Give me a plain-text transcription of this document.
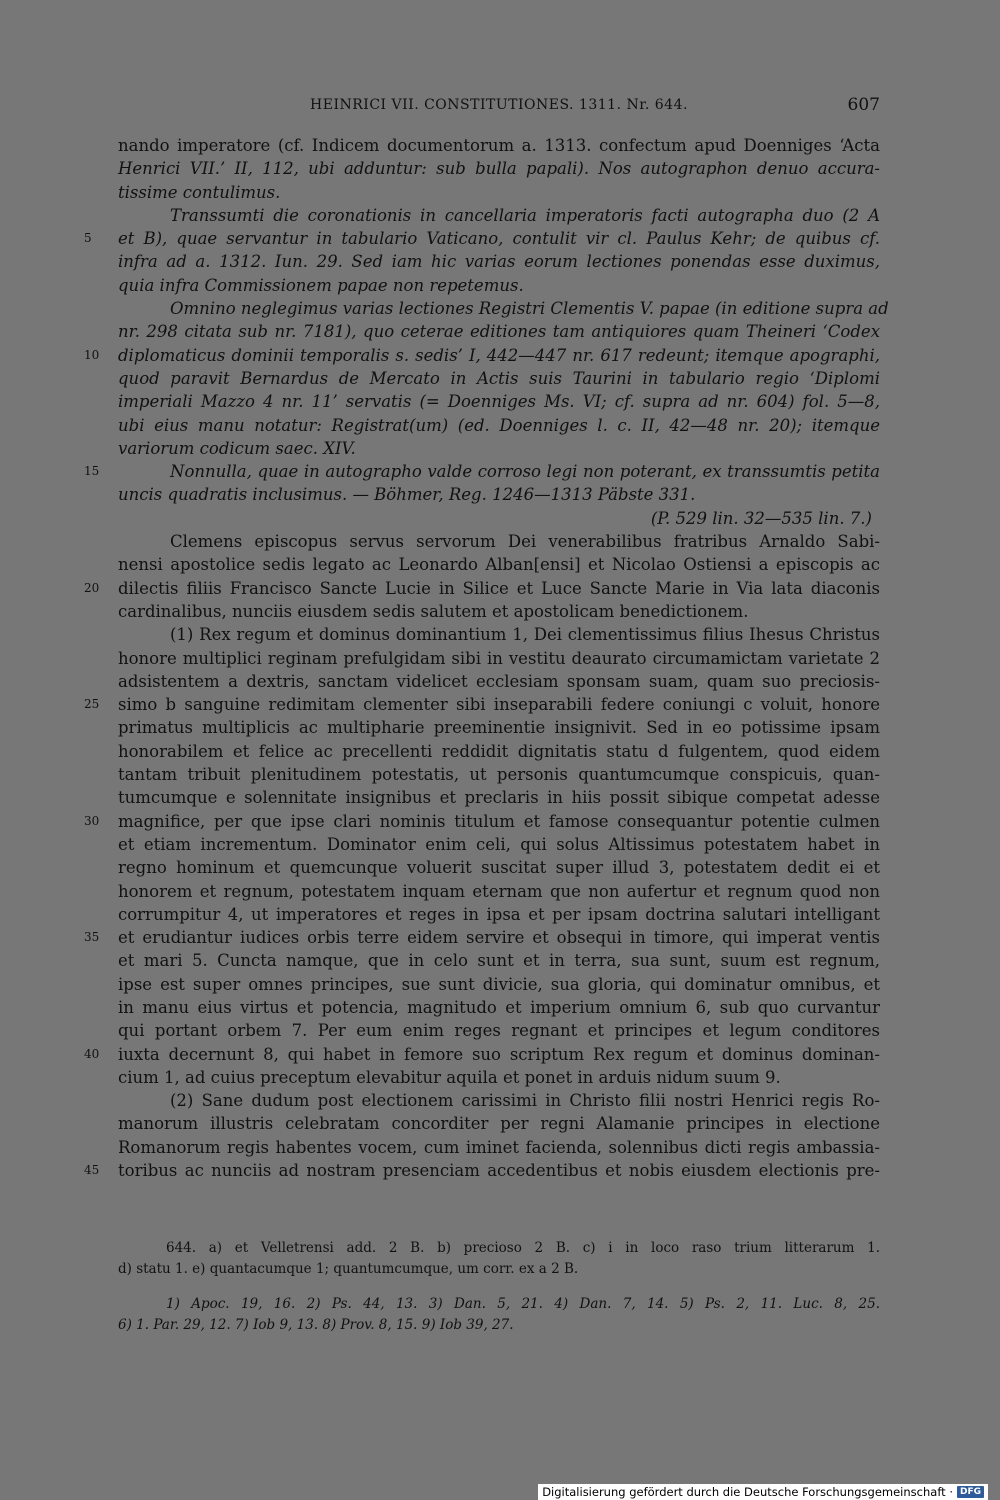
HEINRICI VII. CONSTITUTIONES. 1311. Nr. 644.	607
nando imperatore (cf. Indicem documentorum a. 1313. confectum apud Doenniges ‘Acta
Henrici VII.’ II, 112, ubi adduntur: sub bulla papali). Nos autographon denuo accura-
tissime contulimus.
Transsumti die coronationis in cancellaria imperatoris facti autographa duo (2 A
5	et B), quae servantur in tabulario Vaticano, contulit vir cl. Paulus Kehr; de quibus cf.
infra ad a. 1312. Iun. 29. Sed iam hic varias eorum lectiones ponendas esse duximus,
quia infra Commissionem papae non repetemus.
Omnino neglegimus varias lectiones Registri Clementis V. papae (in editione supra ad
nr. 298 citata sub nr. 7181), quo ceterae editiones tam antiquiores quam Theineri ‘Codex
10	diplomaticus dominii temporalis s. sedis’ I, 442—447 nr. 617 redeunt; itemque apographi,
quod paravit Bernardus de Mercato in Actis suis Taurini in tabulario regio ‘Diplomi
imperiali Mazzo 4 nr. 11’ servatis (= Doenniges Ms. VI; cf. supra ad nr. 604) fol. 5—8,
ubi eius manu notatur: Registrat(um) (ed. Doenniges l. c. II, 42—48 nr. 20); itemque
variorum codicum saec. XIV.
15	Nonnulla, quae in autographo valde corroso legi non poterant, ex transsumtis petita
uncis quadratis inclusimus. — Böhmer, Reg. 1246—1313 Päbste 331.
(P. 529 lin. 32—535 lin. 7.)
Clemens episcopus servus servorum Dei venerabilibus fratribus Arnaldo Sabi-
nensi apostolice sedis legato ac Leonardo Alban[ensi] et Nicolao Ostiensi a episcopis ac
20	dilectis filiis Francisco Sancte Lucie in Silice et Luce Sancte Marie in Via lata diaconis
cardinalibus, nunciis eiusdem sedis salutem et apostolicam benedictionem.
(1) Rex regum et dominus dominantium 1, Dei clementissimus filius Ihesus Christus
honore multiplici reginam prefulgidam sibi in vestitu deaurato circumamictam varietate 2
adsistentem a dextris, sanctam videlicet ecclesiam sponsam suam, quam suo preciosis-
25	simo b sanguine redimitam clementer sibi inseparabili federe coniungi c voluit, honore
primatus multiplicis ac multipharie preeminentie insignivit. Sed in eo potissime ipsam
honorabilem et felice ac precellenti reddidit dignitatis statu d fulgentem, quod eidem
tantam tribuit plenitudinem potestatis, ut personis quantumcumque conspicuis, quan-
tumcumque e solennitate insignibus et preclaris in hiis possit sibique competat adesse
30	magnifice, per que ipse clari nominis titulum et famose consequantur potentie culmen
et etiam incrementum. Dominator enim celi, qui solus Altissimus potestatem habet in
regno hominum et quemcunque voluerit suscitat super illud 3, potestatem dedit ei et
honorem et regnum, potestatem inquam eternam que non aufertur et regnum quod non
corrumpitur 4, ut imperatores et reges in ipsa et per ipsam doctrina salutari intelligant
35	et erudiantur iudices orbis terre eidem servire et obsequi in timore, qui imperat ventis
et mari 5. Cuncta namque, que in celo sunt et in terra, sua sunt, suum est regnum,
ipse est super omnes principes, sue sunt divicie, sua gloria, qui dominatur omnibus, et
in manu eius virtus et potencia, magnitudo et imperium omnium 6, sub quo curvantur
qui portant orbem 7. Per eum enim reges regnant et principes et legum conditores
40	iuxta decernunt 8, qui habet in femore suo scriptum Rex regum et dominus dominan-
cium 1, ad cuius preceptum elevabitur aquila et ponet in arduis nidum suum 9.
(2) Sane dudum post electionem carissimi in Christo filii nostri Henrici regis Ro-
manorum illustris celebratam concorditer per regni Alamanie principes in electione
Romanorum regis habentes vocem, cum iminet facienda, solennibus dicti regis ambassia-
45	toribus ac nunciis ad nostram presenciam accedentibus et nobis eiusdem electionis pre-
644. a) et Velletrensi add. 2 B. b) precioso 2 B. c) i in loco raso trium litterarum 1.
d) statu 1. e) quantacumque 1; quantumcumque, um corr. ex a 2 B.
1) Apoc. 19, 16. 2) Ps. 44, 13. 3) Dan. 5, 21. 4) Dan. 7, 14. 5) Ps. 2, 11. Luc. 8, 25.
6) 1. Par. 29, 12. 7) Iob 9, 13. 8) Prov. 8, 15. 9) Iob 39, 27.
Digitalisierung gefördert durch die Deutsche Forschungsgemeinschaft · DFG
